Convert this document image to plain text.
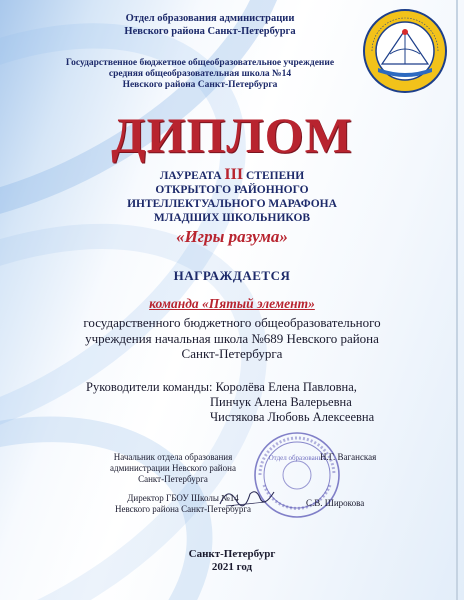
Отдел образования администрации
Невского района Санкт-Петербурга
Государственное бюджетное общеобразовательное учреждение
средняя общеобразовательная школа №14
Невского района Санкт-Петербурга
ДИПЛОМ
ЛАУРЕАТА III СТЕПЕНИ
ОТКРЫТОГО РАЙОННОГО
ИНТЕЛЛЕКТУАЛЬНОГО МАРАФОНА
МЛАДШИХ ШКОЛЬНИКОВ
«Игры разума»
НАГРАЖДАЕТСЯ
команда «Пятый элемент»
государственного бюджетного общеобразовательного
учреждения начальная школа №689 Невского района
Санкт-Петербурга
Руководители команды: Королёва Елена Павловна,
Пинчук Алена Валерьевна
Чистякова Любовь Алексеевна
Отдел образования
Начальник отдела образования
администрации Невского района
Санкт-Петербурга
Н.Г. Ваганская
Директор ГБОУ Школы №14
Невского района Санкт-Петербурга
С.В. Широкова
Санкт-Петербург
2021 год
